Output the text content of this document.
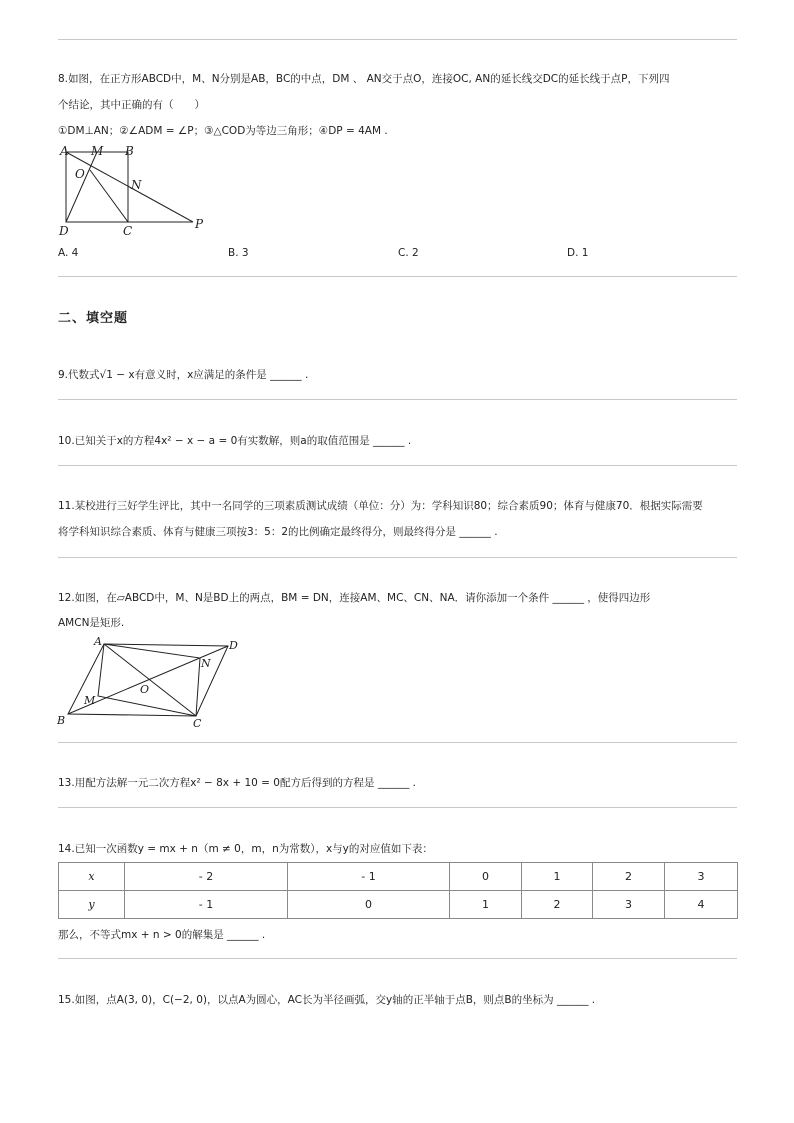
8.如图，在正方形ABCD中，M、N分别是AB，BC的中点，DM 、 AN交于点O，连接OC, AN的延长线交DC的延长线于点P，下列四
个结论，其中正确的有（　　）
①DM⊥AN；②∠ADM = ∠P；③△COD为等边三角形；④DP = 4AM .
A M B
O
N
D	C	P
A. 4	B. 3	C. 2	D. 1
二、填空题
9.代数式√1 − x有意义时，x应满足的条件是 ______ .
10.已知关于x的方程4x² − x − a = 0有实数解，则a的取值范围是 ______ .
11.某校进行三好学生评比，其中一名同学的三项素质测试成绩（单位：分）为：学科知识80；综合素质90；体育与健康70．根据实际需要
将学科知识综合素质、体育与健康三项按3：5：2的比例确定最终得分，则最终得分是 ______ .
12.如图，在▱ABCD中，M、N是BD上的两点，BM = DN，连接AM、MC、CN、NA．请你添加一个条件 ______ ，使得四边形
AMCN是矩形.
A	D
N
O
M
B	C
13.用配方法解一元二次方程x² − 8x + 10 = 0配方后得到的方程是 ______ .
14.已知一次函数y = mx + n（m ≠ 0，m，n为常数），x与y的对应值如下表：
x	- 2	- 1	0	1	2	3
y	- 1	0	1	2	3	4
那么，不等式mx + n > 0的解集是 ______ .
15.如图，点A(3, 0)，C(−2, 0)，以点A为圆心，AC长为半径画弧，交y轴的正半轴于点B，则点B的坐标为 ______ .
